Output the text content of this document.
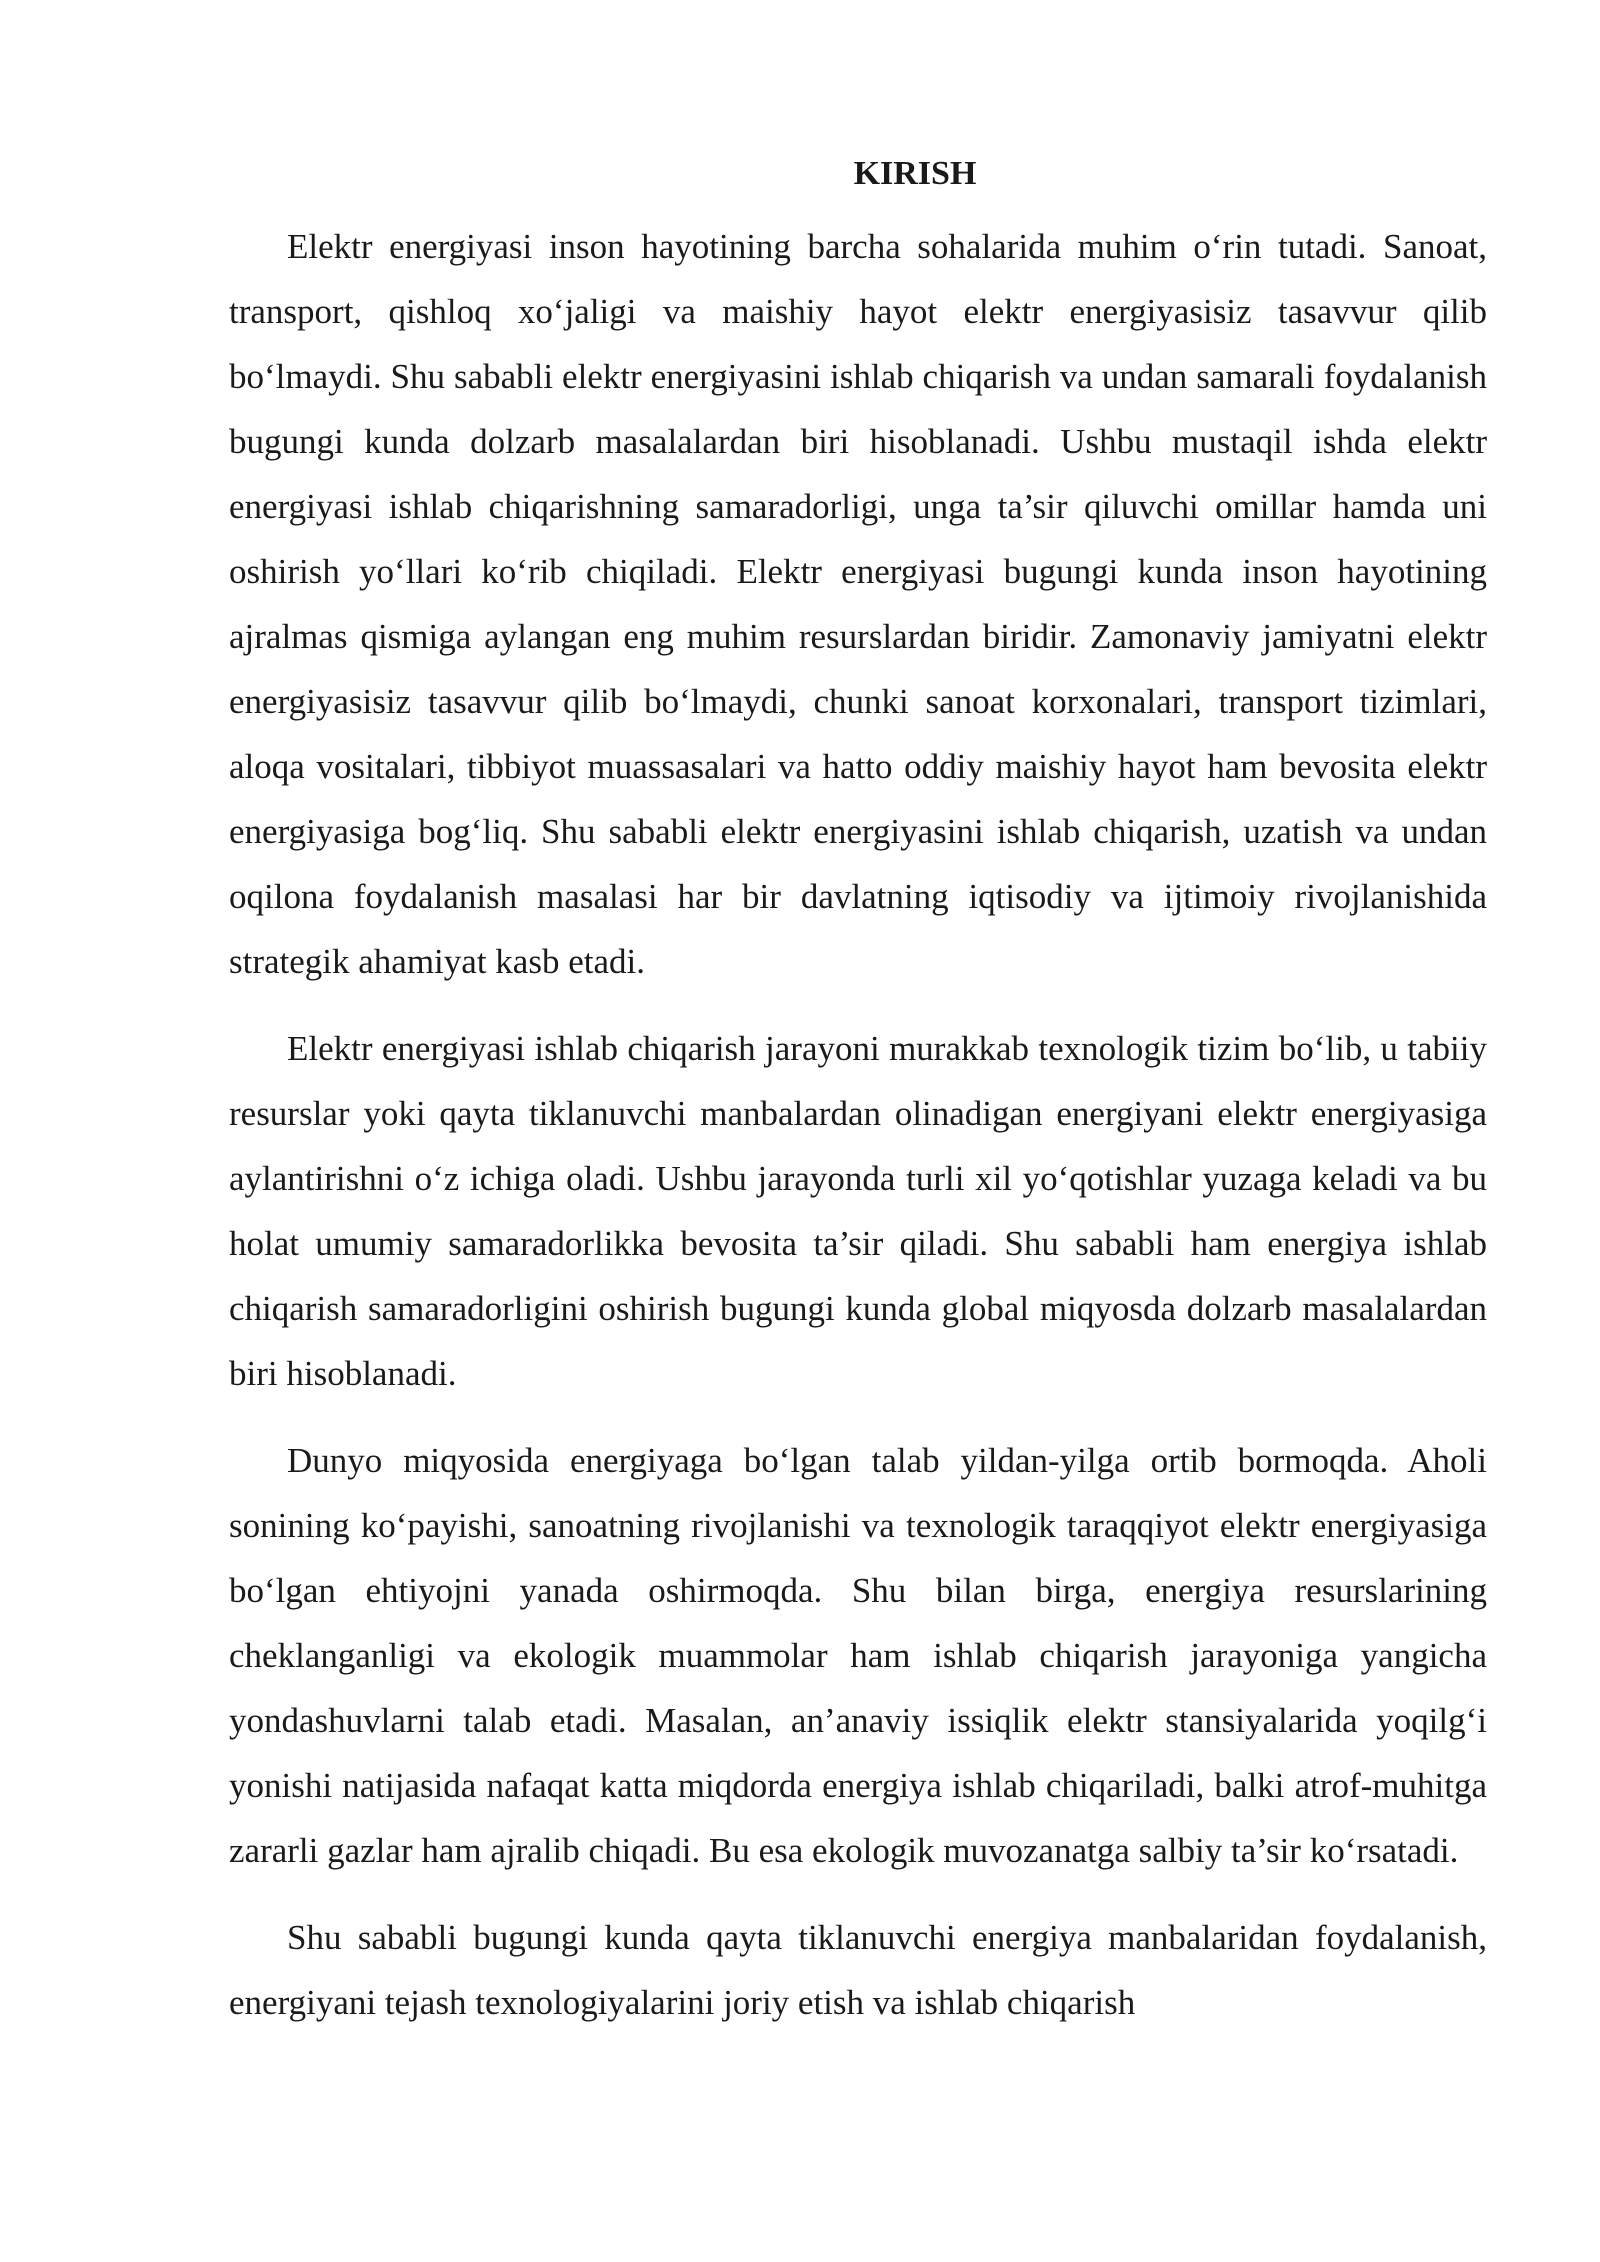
KIRISH

Elektr energiyasi inson hayotining barcha sohalarida muhim o‘rin tutadi. Sanoat, transport, qishloq xo‘jaligi va maishiy hayot elektr energiyasisiz tasavvur qilib bo‘lmaydi. Shu sababli elektr energiyasini ishlab chiqarish va undan samarali foydalanish bugungi kunda dolzarb masalalardan biri hisoblanadi. Ushbu mustaqil ishda elektr energiyasi ishlab chiqarishning samaradorligi, unga ta’sir qiluvchi omillar hamda uni oshirish yo‘llari ko‘rib chiqiladi. Elektr energiyasi bugungi kunda inson hayotining ajralmas qismiga aylangan eng muhim resurslardan biridir. Zamonaviy jamiyatni elektr energiyasisiz tasavvur qilib bo‘lmaydi, chunki sanoat korxonalari, transport tizimlari, aloqa vositalari, tibbiyot muassasalari va hatto oddiy maishiy hayot ham bevosita elektr energiyasiga bog‘liq. Shu sababli elektr energiyasini ishlab chiqarish, uzatish va undan oqilona foydalanish masalasi har bir davlatning iqtisodiy va ijtimoiy rivojlanishida strategik ahamiyat kasb etadi.

Elektr energiyasi ishlab chiqarish jarayoni murakkab texnologik tizim bo‘lib, u tabiiy resurslar yoki qayta tiklanuvchi manbalardan olinadigan energiyani elektr energiyasiga aylantirishni o‘z ichiga oladi. Ushbu jarayonda turli xil yo‘qotishlar yuzaga keladi va bu holat umumiy samaradorlikka bevosita ta’sir qiladi. Shu sababli ham energiya ishlab chiqarish samaradorligini oshirish bugungi kunda global miqyosda dolzarb masalalardan biri hisoblanadi.

Dunyo miqyosida energiyaga bo‘lgan talab yildan-yilga ortib bormoqda. Aholi sonining ko‘payishi, sanoatning rivojlanishi va texnologik taraqqiyot elektr energiyasiga bo‘lgan ehtiyojni yanada oshirmoqda. Shu bilan birga, energiya resurslarining cheklanganligi va ekologik muammolar ham ishlab chiqarish jarayoniga yangicha yondashuvlarni talab etadi. Masalan, an’anaviy issiqlik elektr stansiyalarida yoqilg‘i yonishi natijasida nafaqat katta miqdorda energiya ishlab chiqariladi, balki atrof-muhitga zararli gazlar ham ajralib chiqadi. Bu esa ekologik muvozanatga salbiy ta’sir ko‘rsatadi.

Shu sababli bugungi kunda qayta tiklanuvchi energiya manbalaridan foydalanish, energiyani tejash texnologiyalarini joriy etish va ishlab chiqarish
